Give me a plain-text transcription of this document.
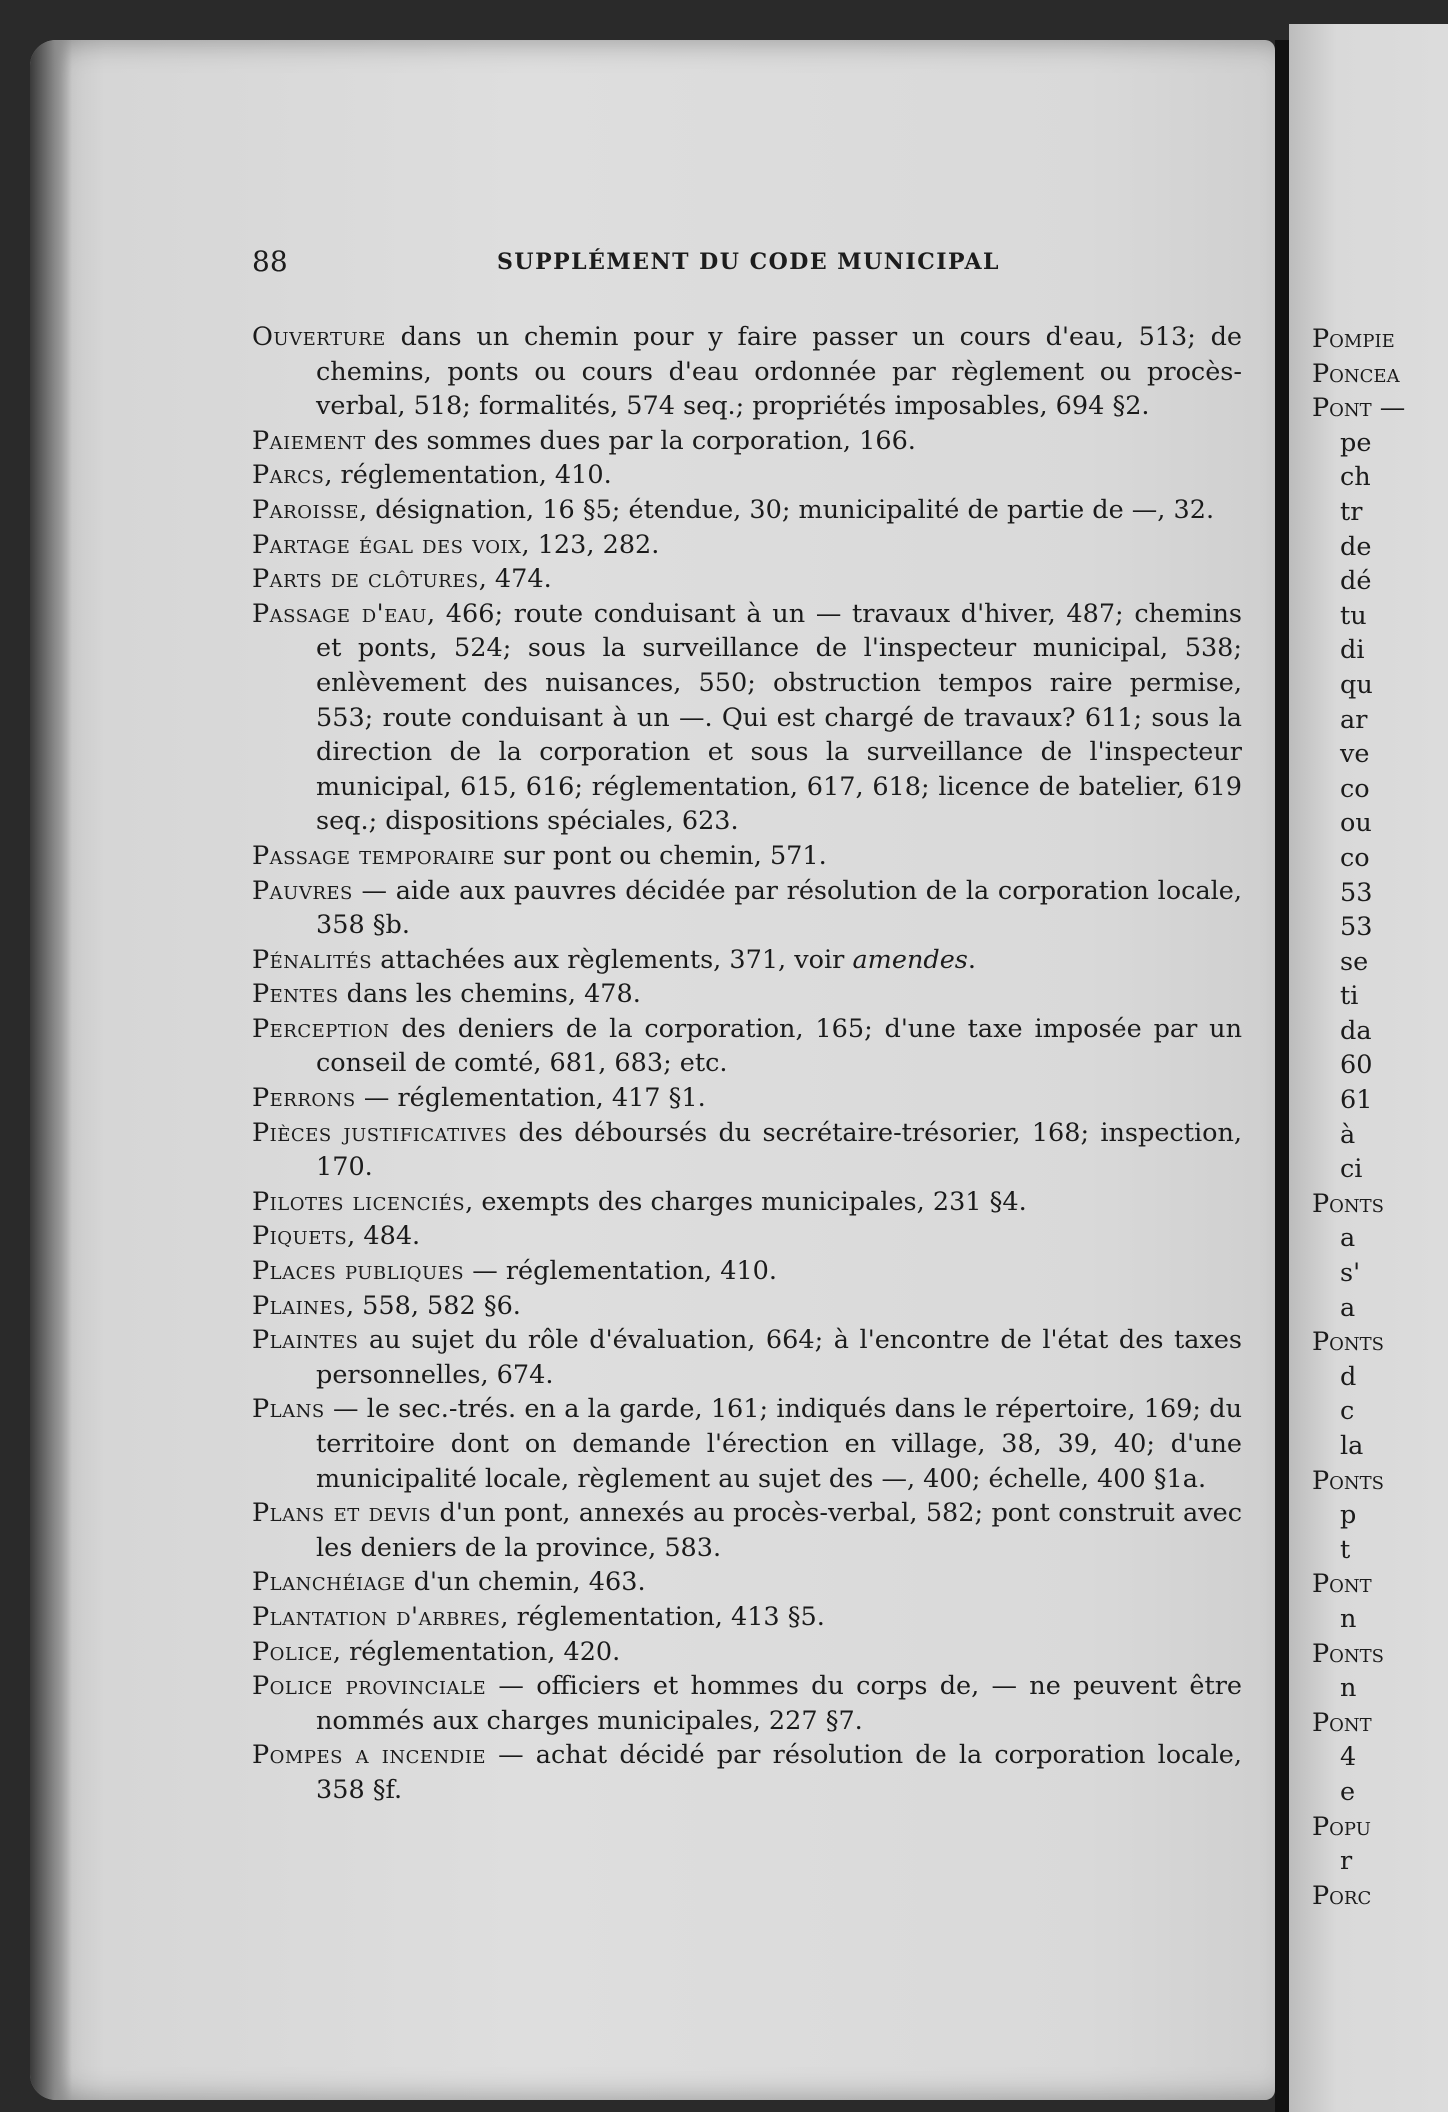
88	SUPPLÉMENT DU CODE MUNICIPAL

Ouverture dans un chemin pour y faire passer un cours d'eau, 513; de chemins, ponts ou cours d'eau ordonnée par règlement ou procès-verbal, 518; formalités, 574 seq.; propriétés imposables, 694 §2.

Paiement des sommes dues par la corporation, 166.

Parcs, réglementation, 410.

Paroisse, désignation, 16 §5; étendue, 30; municipalité de partie de —, 32.

Partage égal des voix, 123, 282.

Parts de clôtures, 474.

Passage d'eau, 466; route conduisant à un — travaux d'hiver, 487; chemins et ponts, 524; sous la surveillance de l'inspecteur municipal, 538; enlèvement des nuisances, 550; obstruction tempos raire permise, 553; route conduisant à un —. Qui est chargé de travaux? 611; sous la direction de la corporation et sous la surveillance de l'inspecteur municipal, 615, 616; réglementation, 617, 618; licence de batelier, 619 seq.; dispositions spéciales, 623.

Passage temporaire sur pont ou chemin, 571.

Pauvres — aide aux pauvres décidée par résolution de la corporation locale, 358 §b.

Pénalités attachées aux règlements, 371, voir amendes.

Pentes dans les chemins, 478.

Perception des deniers de la corporation, 165; d'une taxe imposée par un conseil de comté, 681, 683; etc.

Perrons — réglementation, 417 §1.

Pièces justificatives des déboursés du secrétaire-trésorier, 168; inspection, 170.

Pilotes licenciés, exempts des charges municipales, 231 §4.

Piquets, 484.

Places publiques — réglementation, 410.

Plaines, 558, 582 §6.

Plaintes au sujet du rôle d'évaluation, 664; à l'encontre de l'état des taxes personnelles, 674.

Plans — le sec.-trés. en a la garde, 161; indiqués dans le répertoire, 169; du territoire dont on demande l'érection en village, 38, 39, 40; d'une municipalité locale, règlement au sujet des —, 400; échelle, 400 §1a.

Plans et devis d'un pont, annexés au procès-verbal, 582; pont construit avec les deniers de la province, 583.

Planchéiage d'un chemin, 463.

Plantation d'arbres, réglementation, 413 §5.

Police, réglementation, 420.

Police provinciale — officiers et hommes du corps de, — ne peuvent être nommés aux charges municipales, 227 §7.

Pompes a incendie — achat décidé par résolution de la corporation locale, 358 §f.

Pompie
Poncea
Pont —
pe
ch
tr
de
dé
tu
di
qu
ar
ve
co
ou
co
53
53
se
ti
da
60
61
à
ci
Ponts
a
s'
a
Ponts
d
c
la
Ponts
p
t
Pont
n
Ponts
n
Pont
4
e
Popu
r
Porc
